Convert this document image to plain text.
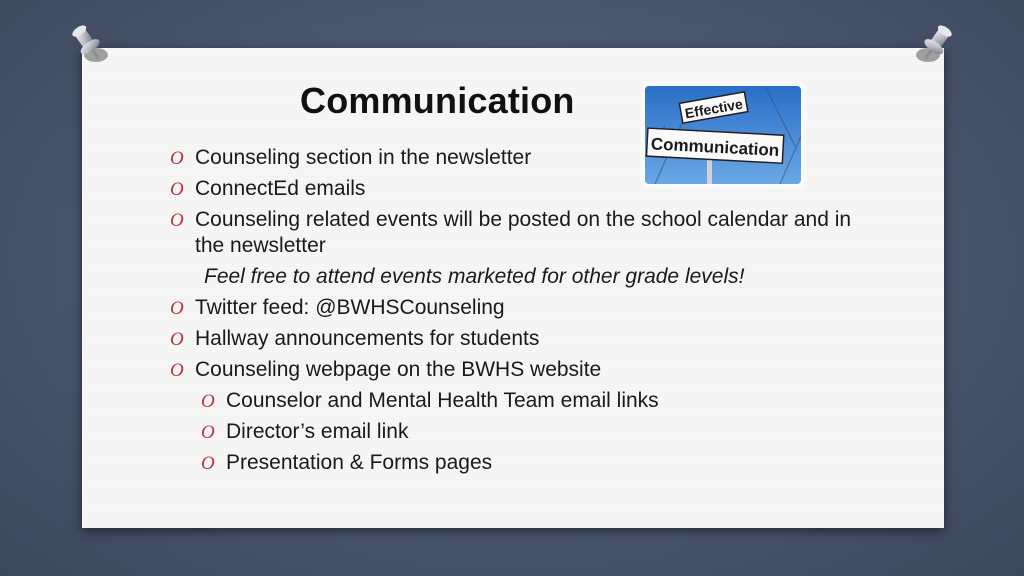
Communication	Effective
Communication
O Counseling section in the newsletter
O ConnectEd emails
O Counseling related events will be posted on the school calendar and in the newsletter
Feel free to attend events marketed for other grade levels!
O Twitter feed: @BWHSCounseling
O Hallway announcements for students
O Counseling webpage on the BWHS website
O Counselor and Mental Health Team email links
O Director’s email link
O Presentation & Forms pages
